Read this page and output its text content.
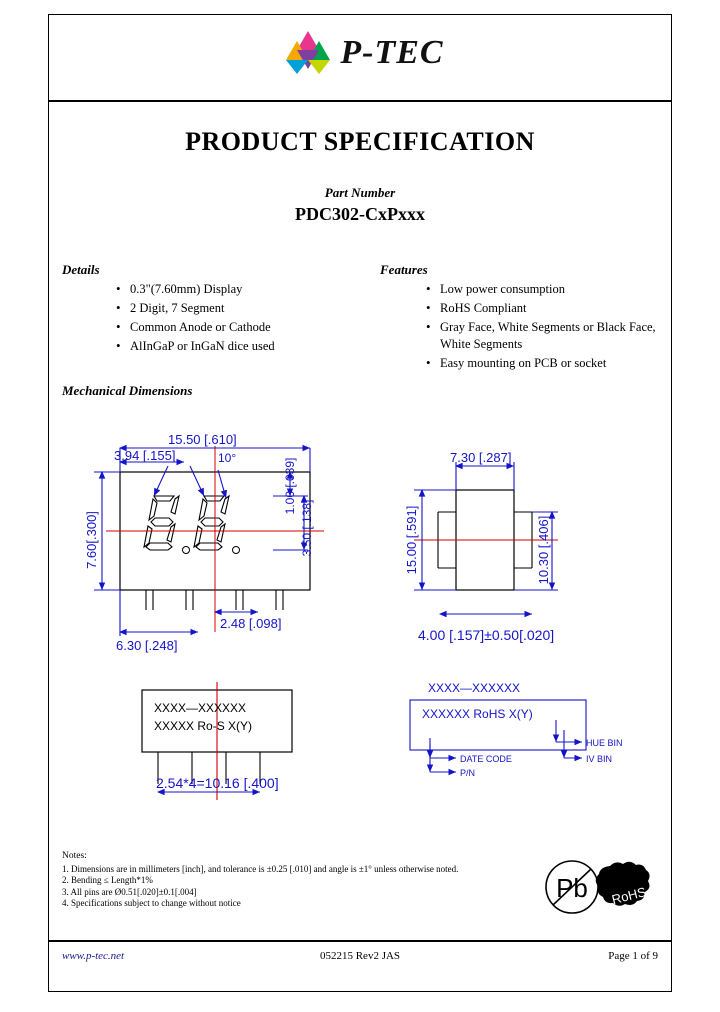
P-TEC
PRODUCT SPECIFICATION
Part Number
PDC302-CxPxxx
Details
• 0.3"(7.60mm) Display
• 2 Digit, 7 Segment
• Common Anode or Cathode
• AlInGaP or InGaN dice used
Features
• Low power consumption
• RoHS Compliant
• Gray Face, White Segments or Black Face, White Segments
• Easy mounting on PCB or socket
Mechanical Dimensions
15.50 [.610]
3.94 [.155]	10°
7.60[.300]
1.00 [.039]
3.50 [.138]
2.48 [.098]
6.30 [.248]
7.30 [.287]
15.00 [.591]	10.30 [.406]
4.00 [.157]±0.50[.020]
2.54*4=10.16 [.400]
XXXX—XXXXXX
XXXXX Ro-S X(Y)
XXXX—XXXXXX
XXXXXX RoHS X(Y)
DATE CODE
P/N
HUE BIN
IV BIN
Notes:
1. Dimensions are in millimeters [inch], and tolerance is ±0.25 [.010] and angle is ±1° unless otherwise noted.
2. Bending ≤ Length*1%
3. All pins are Ø0.51[.020]±0.1[.004]
4. Specifications subject to change without notice	Pb RoHS
www.p-tec.net	052215 Rev2 JAS	Page 1 of 9
